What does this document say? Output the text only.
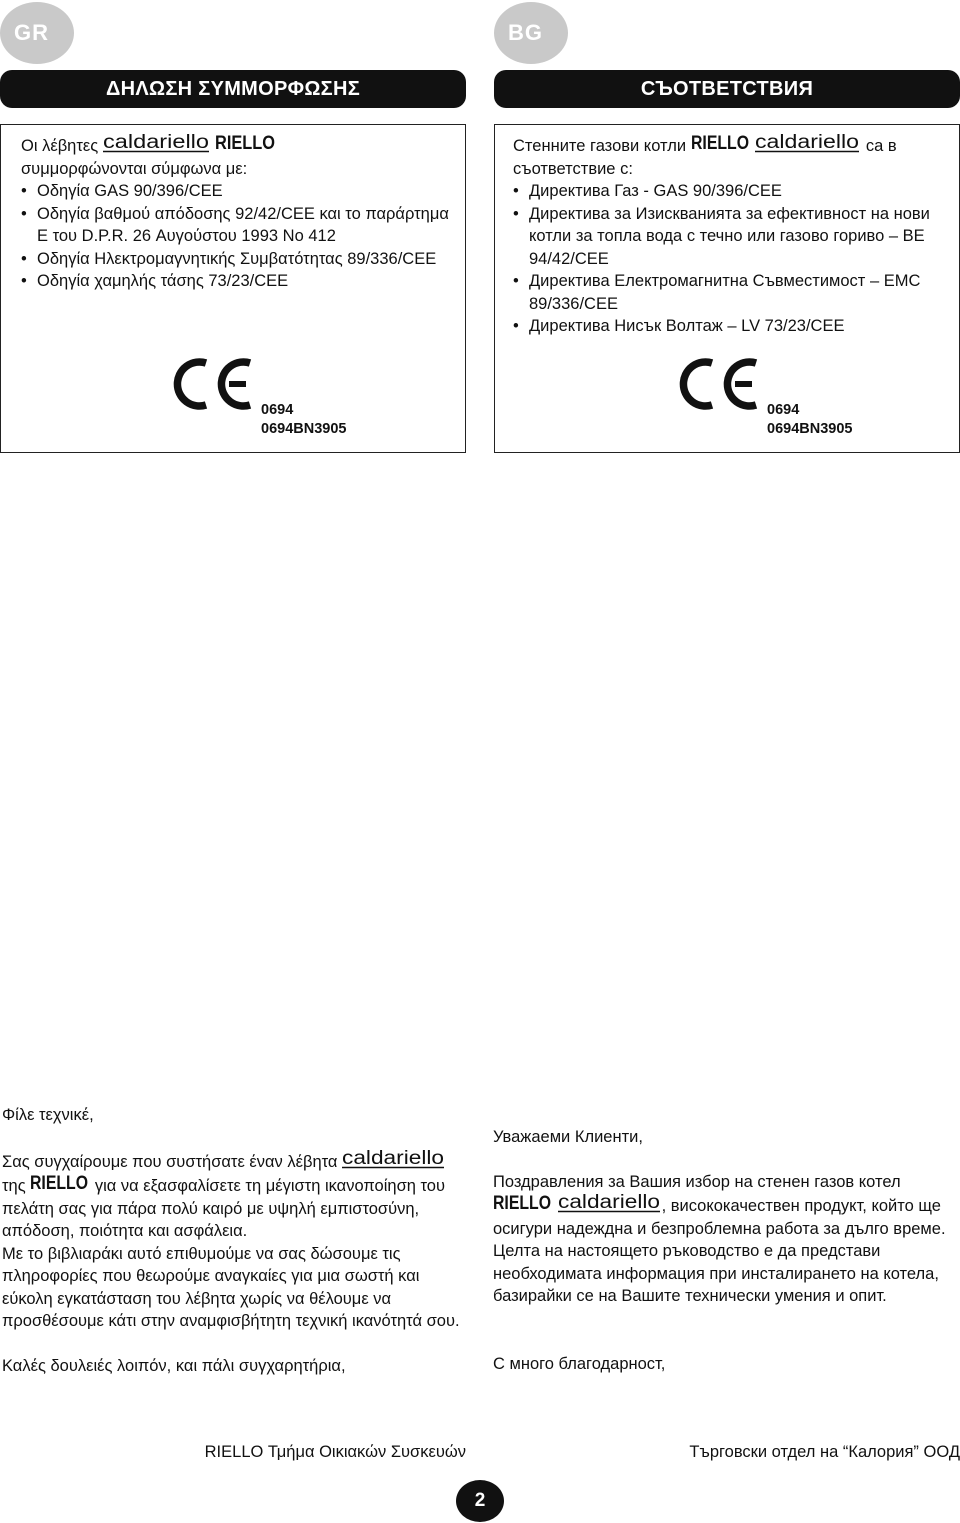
GR
ΔΗΛΩΣΗ ΣΥΜΜΟΡΦΩΣΗΣ

Οι λέβητες caldariello
RIELLO

συμμορφώνονται σύμφωνα με:

• Οδηγία GAS 90/396/CEE
• Οδηγία βαθμού απόδοσης 92/42/CEE και το παράρτημα E του D.P.R. 26 Αυγούστου 1993 No 412
• Οδηγία Ηλεκτρομαγνητικής Συμβατότητας 89/336/CEE
• Οδηγία χαμηλής τάσης 73/23/CEE
0694
0694BN3905
BG
СЪОТВЕТСТВИЯ

Стенните газови котли RIELLO
caldariello са в съответствие с:

• Директива Газ - GAS 90/396/CEE
• Директива за Изискванията за ефективност на нови котли за топла вода с течно или газово гориво – ВЕ 94/42/CEE
• Директива Електромагнитна Съвместимост – EMC 89/336/CEE
• Директива Нисък Волтаж – LV 73/23/CEE
0694
0694BN3905

Φίλε τεχνικέ,

Σας συγχαίρουμε που συστήσατε έναν λέβητα caldariello
της RIELLO για να εξασφαλίσετε τη μέγιστη ικανοποίηση του πελάτη σας για πάρα πολύ καιρό με υψηλή εμπιστοσύνη, απόδοση, ποιότητα και ασφάλεια.

Με το βιβλιαράκι αυτό επιθυμούμε να σας δώσουμε τις πληροφορίες που θεωρούμε αναγκαίες για μια σωστή και εύκολη εγκατάσταση του λέβητα χωρίς να θέλουμε να προσθέσουμε κάτι στην αναμφισβήτητη τεχνική ικανότητά σου.

Καλές δουλειές λοιπόν, και πάλι συγχαρητήρια,

RIELLO Τμήμα Οικιακών Συσκευών

Уважаеми Клиенти,

Поздравления за Вашия избор на стенен газов котел
RIELLO
caldariello , висококачествен продукт, който ще осигури надеждна и безпроблемна работа за дълго време.

Целта на настоящето ръководство е да представи необходимата информация при инсталирането на котела, базирайки се на Вашите технически умения и опит.

С много благодарност,

Търговски отдел на “Калория” ООД
2
